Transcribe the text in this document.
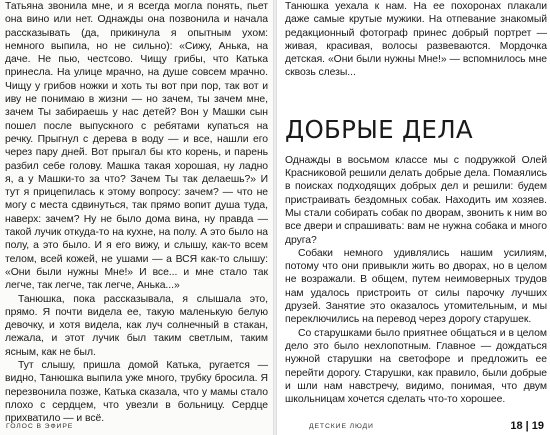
Татьяна звонила мне, и я всегда могла понять, пьет она вино или нет. Однажды она позвонила и начала рассказывать (да, прикинула я опытным ухом: немного выпила, но не сильно): «Сижу, Анька, на даче. Не пью, честсово. Чищу грибы, что Катька принесла. На улице мрачно, на душе совсем мрачно. Чищу у грибов ножки и хоть ты вот при пор, так вот и иву не понимаю в жизни — но зачем, ты зачем мне, зачем Ты забираешь у нас детей? Вон у Машки сын пошел после выпускного с ребятами купаться на речку. Прыгнул с дерева в воду — и все, нашли его через пару дней. Вот прыгал бы кто корень, и парень разбил себе голову. Машка такая хорошая, ну ладно я, а у Машки-то за что? Зачем Ты так делаешь?» И тут я прицепилась к этому вопросу: зачем? — что не могу с места сдвинуться, так прямо вопит душа туда, наверх: зачем? Ну не было дома вина, ну правда — такой лучик откуда-то на кухне, на полу. А это было на полу, а это было. И я его вижу, и слышу, как-то всем телом, всей кожей, не ушами — а ВСЯ как-то слышу: «Они были нужны Мне!» И все... и мне стало так легче, так легче, так легче, Анька...»

Танюшка, пока рассказывала, я слышала это, прямо. Я почти видела ее, такую маленькую белую девочку, и хотя видела, как луч солнечный в стакан, лежала, и этот лучик был таким светлым, таким ясным, как не был.

Тут слышу, пришла домой Катька, ругается — видно, Танюшка выпила уже много, трубку бросила. Я перезвонила позже, Катька сказала, что у мамы стало плохо с сердцем, что увезли в больницу. Сердце прихватило — и всё.

ГОЛОС В ЭФИРЕ

Танюшка уехала к нам. На ее похоронах плакали даже самые крутые мужики. На отпевание знакомый редакционный фотограф принес добрый портрет — живая, красивая, волосы развеваются. Мордочка детская. «Они были нужны Мне!» — вспомнилось мне сквозь слезы...

ДОБРЫЕ ДЕЛА

Однажды в восьмом классе мы с подружкой Олей Красниковой решили делать добрые дела. Помаялись в поисках подходящих добрых дел и решили: будем пристраивать бездомных собак. Находить им хозяев. Мы стали собирать собак по дворам, звонить к ним во все двери и спрашивать: вам не нужна собака и много друга?

Собаки немного удивлялись нашим усилиям, потому что они привыкли жить во дворах, но в целом не возражали. В общем, путем неимоверных трудов нам удалось пристроить от силы парочку лучших друзей. Занятие это оказалось утомительным, и мы переключились на перевод через дорогу старушек.

Со старушками было приятнее общаться и в целом дело это было нехлопотным. Главное — дождаться нужной старушки на светофоре и предложить ее перейти дорогу. Старушки, как правило, были добрые и шли нам навстречу, видимо, понимая, что двум школьницам хочется сделать что-то хорошее.

ДЕТСКИЕ ЛЮДИ	18 | 19
